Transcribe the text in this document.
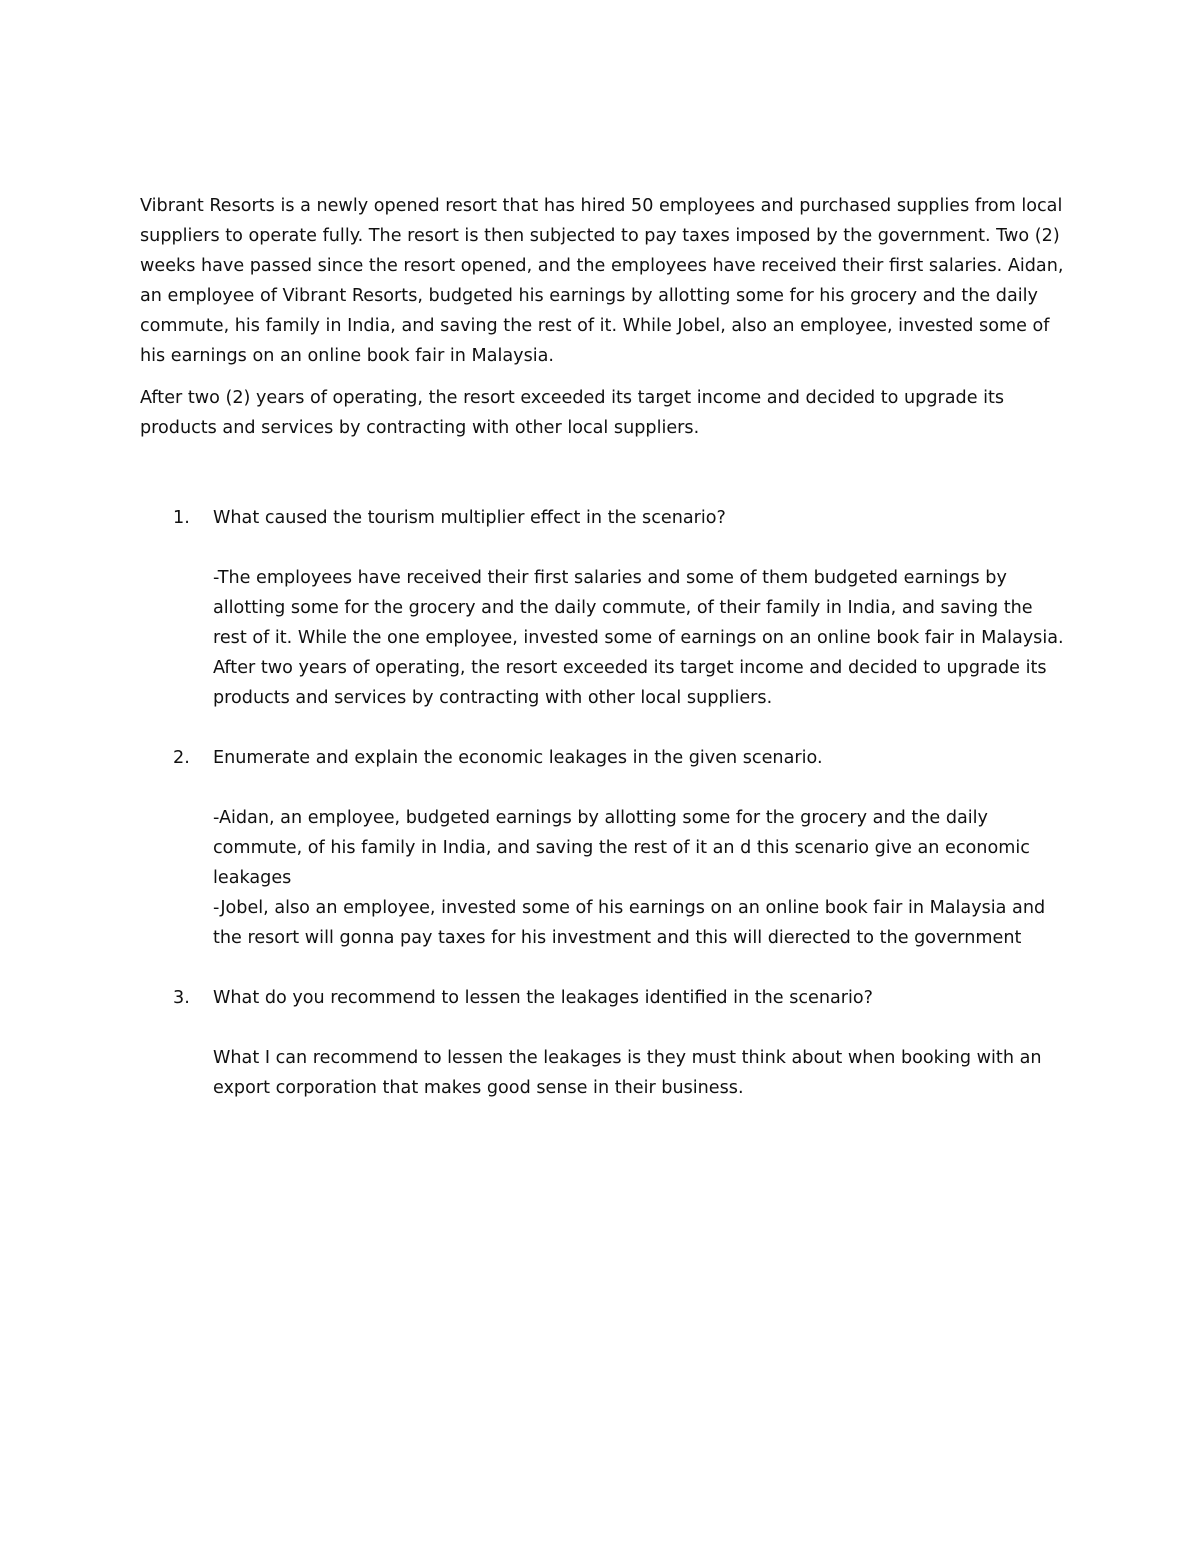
Vibrant Resorts is a newly opened resort that has hired 50 employees and purchased supplies from local suppliers to operate fully. The resort is then subjected to pay taxes imposed by the government. Two (2) weeks have passed since the resort opened, and the employees have received their first salaries. Aidan, an employee of Vibrant Resorts, budgeted his earnings by allotting some for his grocery and the daily commute, his family in India, and saving the rest of it. While Jobel, also an employee, invested some of his earnings on an online book fair in Malaysia.

After two (2) years of operating, the resort exceeded its target income and decided to upgrade its products and services by contracting with other local suppliers.

1. What caused the tourism multiplier effect in the scenario?
-The employees have received their first salaries and some of them budgeted earnings by allotting some for the grocery and the daily commute, of their family in India, and saving the rest of it. While the one employee, invested some of earnings on an online book fair in Malaysia. After two years of operating, the resort exceeded its target income and decided to upgrade its products and services by contracting with other local suppliers.
2. Enumerate and explain the economic leakages in the given scenario.
-Aidan, an employee, budgeted earnings by allotting some for the grocery and the daily commute, of his family in India, and saving the rest of it an d this scenario give an economic leakages
-Jobel, also an employee, invested some of his earnings on an online book fair in Malaysia and the resort will gonna pay taxes for his investment and this will dierected to the government
3. What do you recommend to lessen the leakages identified in the scenario?
What I can recommend to lessen the leakages is they must think about when booking with an export corporation that makes good sense in their business.
